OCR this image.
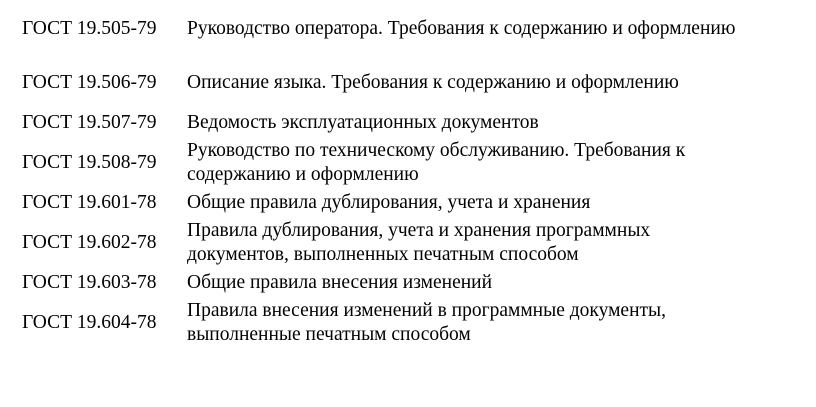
ГОСТ 19.505-79	Руководство оператора. Требования к содержанию и оформлению
ГОСТ 19.506-79	Описание языка. Требования к содержанию и оформлению
ГОСТ 19.507-79	Ведомость эксплуатационных документов
ГОСТ 19.508-79	Руководство по техническому обслуживанию. Требования к содержанию и оформлению
ГОСТ 19.601-78	Общие правила дублирования, учета и хранения
ГОСТ 19.602-78	Правила дублирования, учета и хранения программных документов, выполненных печатным способом
ГОСТ 19.603-78	Общие правила внесения изменений
ГОСТ 19.604-78	Правила внесения изменений в программные документы, выполненные печатным способом
